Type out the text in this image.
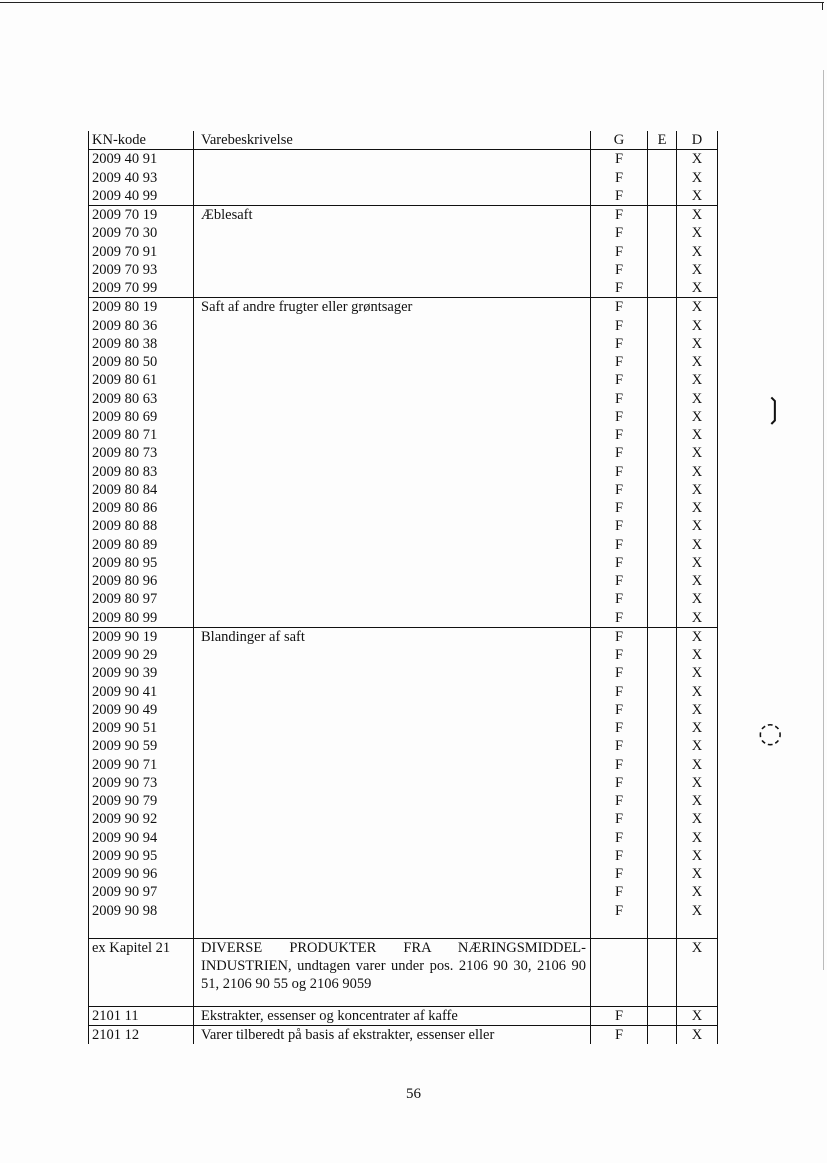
❳
◌
KN-kode	Varebeskrivelse	G	E	D
2009 40 91		F		X
2009 40 93		F		X
2009 40 99		F		X
2009 70 19	Æblesaft	F		X
2009 70 30		F		X
2009 70 91		F		X
2009 70 93		F		X
2009 70 99		F		X
2009 80 19	Saft af andre frugter eller grøntsager	F		X
2009 80 36		F		X
2009 80 38		F		X
2009 80 50		F		X
2009 80 61		F		X
2009 80 63		F		X
2009 80 69		F		X
2009 80 71		F		X
2009 80 73		F		X
2009 80 83		F		X
2009 80 84		F		X
2009 80 86		F		X
2009 80 88		F		X
2009 80 89		F		X
2009 80 95		F		X
2009 80 96		F		X
2009 80 97		F		X
2009 80 99		F		X
2009 90 19	Blandinger af saft	F		X
2009 90 29		F		X
2009 90 39		F		X
2009 90 41		F		X
2009 90 49		F		X
2009 90 51		F		X
2009 90 59		F		X
2009 90 71		F		X
2009 90 73		F		X
2009 90 79		F		X
2009 90 92		F		X
2009 90 94		F		X
2009 90 95		F		X
2009 90 96		F		X
2009 90 97		F		X
2009 90 98		F		X

ex Kapitel 21	DIVERSE PRODUKTER FRA NÆRINGSMIDDEL-INDUSTRIEN, undtagen varer under pos. 2106 90 30, 2106 90 51, 2106 90 55 og 2106 9059			X

2101 11	Ekstrakter, essenser og koncentrater af kaffe	F		X
2101 12	Varer tilberedt på basis af ekstrakter, essenser eller	F		X
56
